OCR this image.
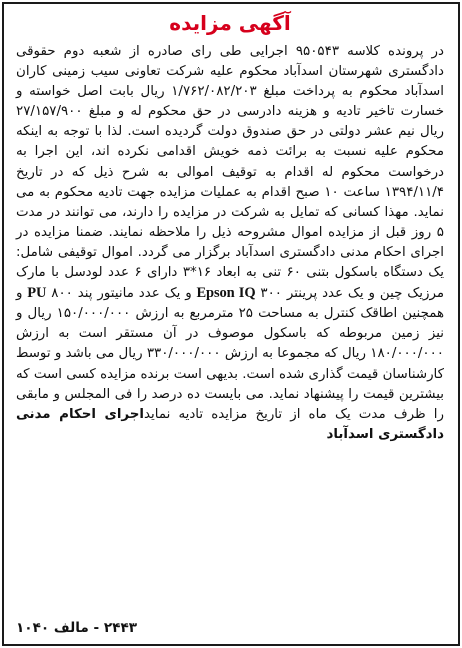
آگهی مزایده

در پرونده کلاسه ۹۵۰۵۴۳ اجرایی طی رای صادره از شعبه دوم حقوقی دادگستری شهرستان اسدآباد محکوم علیه شرکت تعاونی سیب زمینی کاران اسدآباد محکوم به پرداخت مبلغ ۱/۷۶۲/۰۸۲/۲۰۳ ریال بابت اصل خواسته و خسارت تاخیر تادیه و هزینه دادرسی در حق محکوم له و مبلغ ۲۷/۱۵۷/۹۰۰ ریال نیم عشر دولتی در حق صندوق دولت گردیده است. لذا با توجه به اینکه محکوم علیه نسبت به برائت ذمه خویش اقدامی نکرده اند، این اجرا به درخواست محکوم له اقدام به توقیف اموالی به شرح ذیل که در تاریخ ۱۳۹۴/۱۱/۴ ساعت ۱۰ صبح اقدام به عملیات مزایده جهت تادیه محکوم به می نماید. مهذا کسانی که تمایل به شرکت در مزایده را دارند، می توانند در مدت ۵ روز قبل از مزایده اموال مشروحه ذیل را ملاحظه نمایند. ضمنا مزایده در اجرای احکام مدنی دادگستری اسدآباد برگزار می گردد. اموال توقیفی شامل: یک دستگاه باسکول بتنی ۶۰ تنی به ابعاد ۱۶*۳ دارای ۶ عدد لودسل با مارک مرزیک چین و یک عدد پرینتر ۳۰۰ Epson IQ و یک عدد مانیتور پند ۸۰۰ PU و همچنین اطاقک کنترل به مساحت ۲۵ مترمربع به ارزش ۱۵۰/۰۰۰/۰۰۰ ریال و نیز زمین مربوطه که باسکول موصوف در آن مستقر است به ارزش ۱۸۰/۰۰۰/۰۰۰ ریال که مجموعا به ارزش ۳۳۰/۰۰۰/۰۰۰ ریال می باشد و توسط کارشناسان قیمت گذاری شده است. بدیهی است برنده مزایده کسی است که بیشترین قیمت را پیشنهاد نماید. می بایست ده درصد را فی المجلس و مابقی را ظرف مدت یک ماه از تاریخ مزایده تادیه نمایداجرای احکام مدنی دادگستری اسدآباد

۲۴۴۳ - مالف ۱۰۴۰
